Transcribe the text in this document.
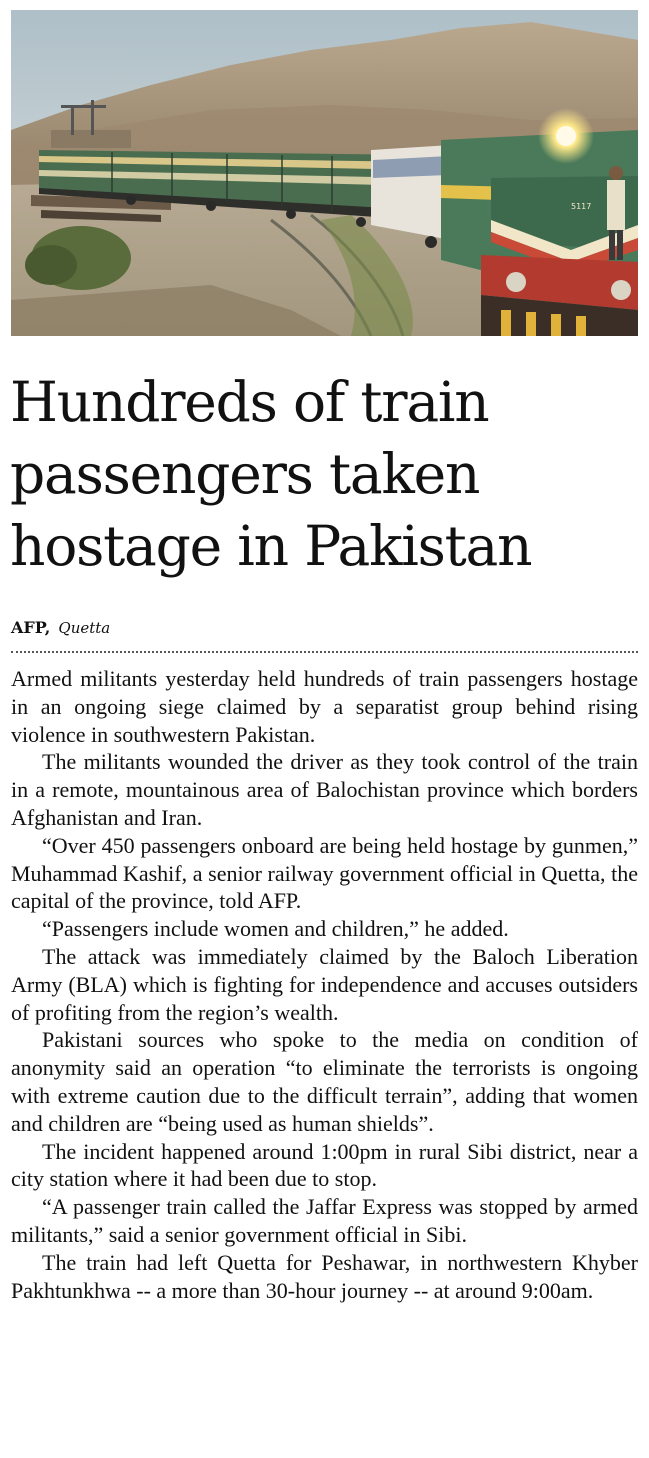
5117
Hundreds of train passengers taken hostage in Pakistan
AFP, Quetta

Armed militants yesterday held hundreds of train passengers hostage in an ongoing siege claimed by a separatist group behind rising violence in southwestern Pakistan.

The militants wounded the driver as they took control of the train in a remote, mountainous area of Balochistan province which borders Afghanistan and Iran.

“Over 450 passengers onboard are being held hostage by gunmen,” Muhammad Kashif, a senior railway government official in Quetta, the capital of the province, told AFP.

“Passengers include women and children,” he added.

The attack was immediately claimed by the Baloch Liberation Army (BLA) which is fighting for independence and accuses outsiders of profiting from the region’s wealth.

Pakistani sources who spoke to the media on condition of anonymity said an operation “to eliminate the terrorists is ongoing with extreme caution due to the difficult terrain”, adding that women and children are “being used as human shields”.

The incident happened around 1:00pm in rural Sibi district, near a city station where it had been due to stop.

“A passenger train called the Jaffar Express was stopped by armed militants,” said a senior government official in Sibi.

The train had left Quetta for Peshawar, in northwestern Khyber Pakhtunkhwa -- a more than 30-hour journey -- at around 9:00am.
